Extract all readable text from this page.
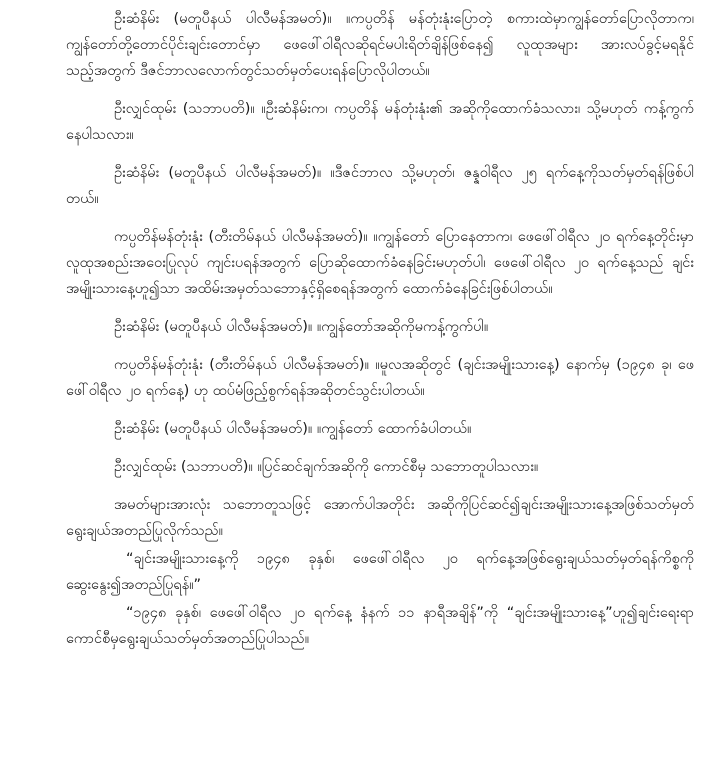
ဦးဆံနိမ်း (မတူပီနယ် ပါလီမန်အမတ်)။ ။ကပ္ပတိန် မန်တုံးနုံးပြောတဲ့ စကားထဲမှာကျွန်တော်ပြောလိုတာက၊ ကျွန်တော်တို့တောင်ပိုင်းချင်းတောင်မှာ ဖေဖေါ်ဝါရီလဆိုရင်မပါးရိတ်ချိန်ဖြစ်နေ၍ လူထုအများ အားလပ်ခွင့်မရနိုင်သည့်အတွက် ဒီဇင်ဘာလလောက်တွင်သတ်မှတ်ပေးရန်ပြောလိုပါတယ်။

ဦးလျှင်ထုမ်း (သဘာပတိ)။ ။ဦးဆံနိမ်းက၊ ကပ္ပတိန် မန်တုံးနုံး၏ အဆိုကိုထောက်ခံသလား၊ သို့မဟုတ် ကန့်ကွက်နေပါသလား။

ဦးဆံနိမ်း (မတူပီနယ် ပါလီမန်အမတ်)။ ။ဒီဇင်ဘာလ သို့မဟုတ်၊ ဇန္နဝါရီလ ၂၅ ရက်နေ့ကိုသတ်မှတ်ရန်ဖြစ်ပါတယ်။

ကပ္ပတိန်မန်တုံးနုံး (တီးတိမ်နယ် ပါလီမန်အမတ်)။ ။ကျွန်တော် ပြောနေတာက၊ ဖေဖေါ်ဝါရီလ ၂၀ ရက်နေ့တိုင်းမှာ လူထုအစည်းအဝေးပြုလုပ် ကျင်းပရန်အတွက် ပြောဆိုထောက်ခံနေခြင်းမဟုတ်ပါ၊ ဖေဖေါ်ဝါရီလ ၂၀ ရက်နေ့သည် ချင်းအမျိုးသားနေ့ဟူ၍သာ အထိမ်းအမှတ်သဘောနှင့်ရှိစေရန်အတွက် ထောက်ခံနေခြင်းဖြစ်ပါတယ်။

ဦးဆံနိမ်း (မတူပီနယ် ပါလီမန်အမတ်)။ ။ကျွန်တော်အဆိုကိုမကန့်ကွက်ပါ။

ကပ္ပတိန်မန်တုံးနုံး (တီးတိမ်နယ် ပါလီမန်အမတ်)။ ။မူလအဆိုတွင် (ချင်းအမျိုးသားနေ့) နောက်မှ (၁၉၄၈ ခု၊ ဖေဖေါ်ဝါရီလ ၂၀ ရက်နေ့) ဟု ထပ်မံဖြည့်စွက်ရန်အဆိုတင်သွင်းပါတယ်။

ဦးဆံနိမ်း (မတူပီနယ် ပါလီမန်အမတ်)။ ။ကျွန်တော် ထောက်ခံပါတယ်။

ဦးလျှင်ထုမ်း (သဘာပတိ)။ ။ပြင်ဆင်ချက်အဆိုကို ကောင်စီမှ သဘောတူပါသလား။

အမတ်များအားလုံး သဘောတူသဖြင့် အောက်ပါအတိုင်း အဆိုကိုပြင်ဆင်၍ချင်းအမျိုးသားနေ့အဖြစ်သတ်မှတ်ရွေးချယ်အတည်ပြုလိုက်သည်။

“ချင်းအမျိုးသားနေ့ကို ၁၉၄၈ ခုနှစ်၊ ဖေဖေါ်ဝါရီလ ၂၀ ရက်နေ့အဖြစ်ရွေးချယ်သတ်မှတ်ရန်ကိစ္စကို ဆွေးနွေး၍အတည်ပြုရန်။”

“၁၉၄၈ ခုနှစ်၊ ဖေဖေါ်ဝါရီလ ၂၀ ရက်နေ့ နံနက် ၁၁ နာရီအချိန်”ကို “ချင်းအမျိုးသားနေ့”ဟူ၍ချင်းရေးရာကောင်စီမှရွေးချယ်သတ်မှတ်အတည်ပြုပါသည်။
